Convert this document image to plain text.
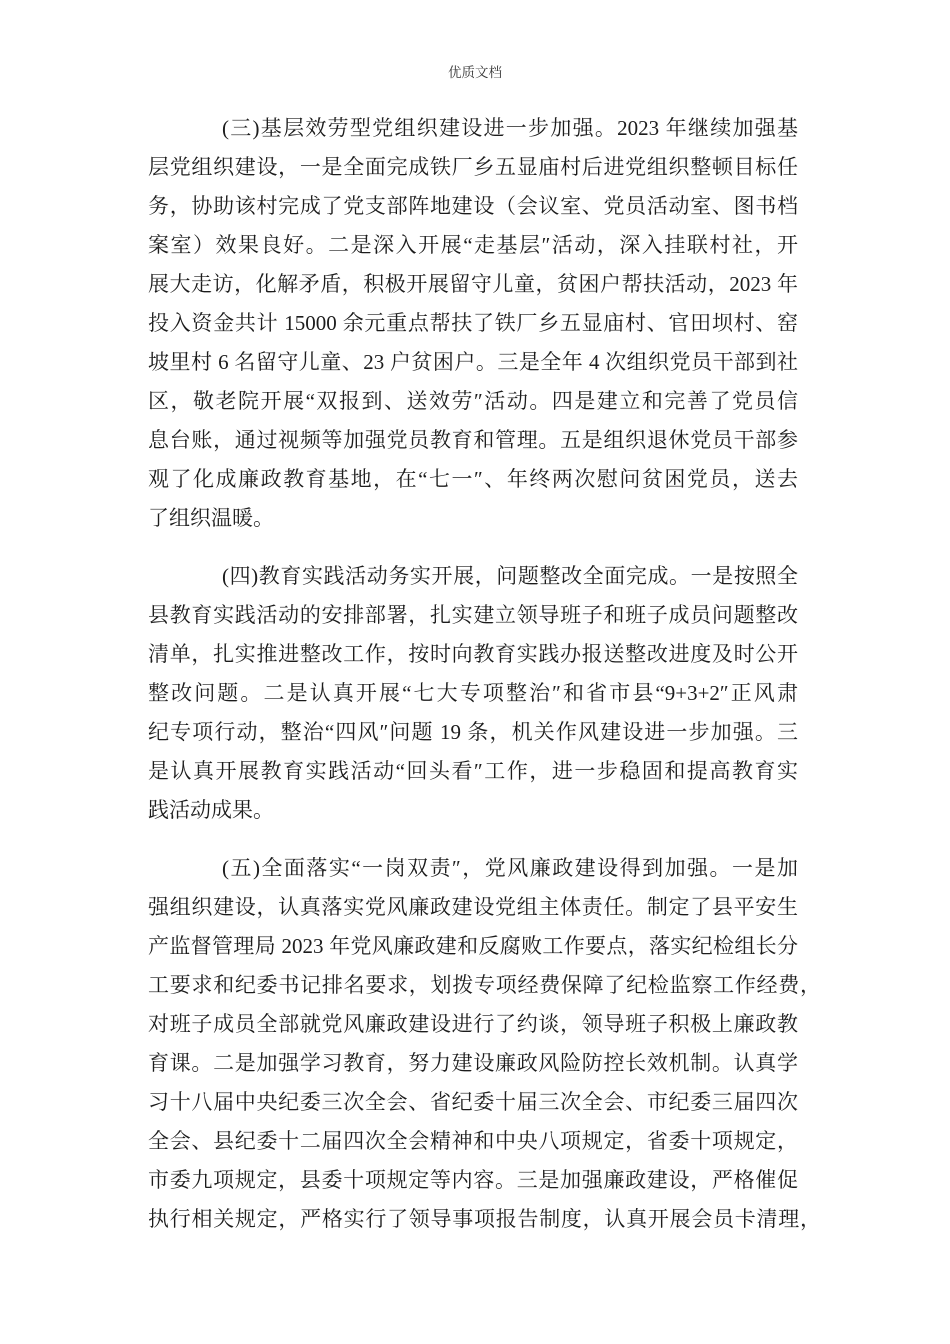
优质文档
(三)基层效劳型党组织建设进一步加强。2023 年继续加强基
层党组织建设，一是全面完成铁厂乡五显庙村后进党组织整顿目标任
务，协助该村完成了党支部阵地建设（会议室、党员活动室、图书档
案室）效果良好。二是深入开展“走基层″活动，深入挂联村社，开
展大走访，化解矛盾，积极开展留守儿童，贫困户帮扶活动，2023 年
投入资金共计 15000 余元重点帮扶了铁厂乡五显庙村、官田坝村、窑
坡里村 6 名留守儿童、23 户贫困户。三是全年 4 次组织党员干部到社
区，敬老院开展“双报到、送效劳″活动。四是建立和完善了党员信
息台账，通过视频等加强党员教育和管理。五是组织退休党员干部参
观了化成廉政教育基地，在“七一″、年终两次慰问贫困党员，送去
了组织温暖。
(四)教育实践活动务实开展，问题整改全面完成。一是按照全
县教育实践活动的安排部署，扎实建立领导班子和班子成员问题整改
清单，扎实推进整改工作，按时向教育实践办报送整改进度及时公开
整改问题。二是认真开展“七大专项整治″和省市县“9+3+2″正风肃
纪专项行动，整治“四风″问题 19 条，机关作风建设进一步加强。三
是认真开展教育实践活动“回头看″工作，进一步稳固和提高教育实
践活动成果。
(五)全面落实“一岗双责″，党风廉政建设得到加强。一是加
强组织建设，认真落实党风廉政建设党组主体责任。制定了县平安生
产监督管理局 2023 年党风廉政建和反腐败工作要点，落实纪检组长分
工要求和纪委书记排名要求，划拨专项经费保障了纪检监察工作经费，
对班子成员全部就党风廉政建设进行了约谈，领导班子积极上廉政教
育课。二是加强学习教育，努力建设廉政风险防控长效机制。认真学
习十八届中央纪委三次全会、省纪委十届三次全会、市纪委三届四次
全会、县纪委十二届四次全会精神和中央八项规定，省委十项规定，
市委九项规定，县委十项规定等内容。三是加强廉政建设，严格催促
执行相关规定，严格实行了领导事项报告制度，认真开展会员卡清理，
